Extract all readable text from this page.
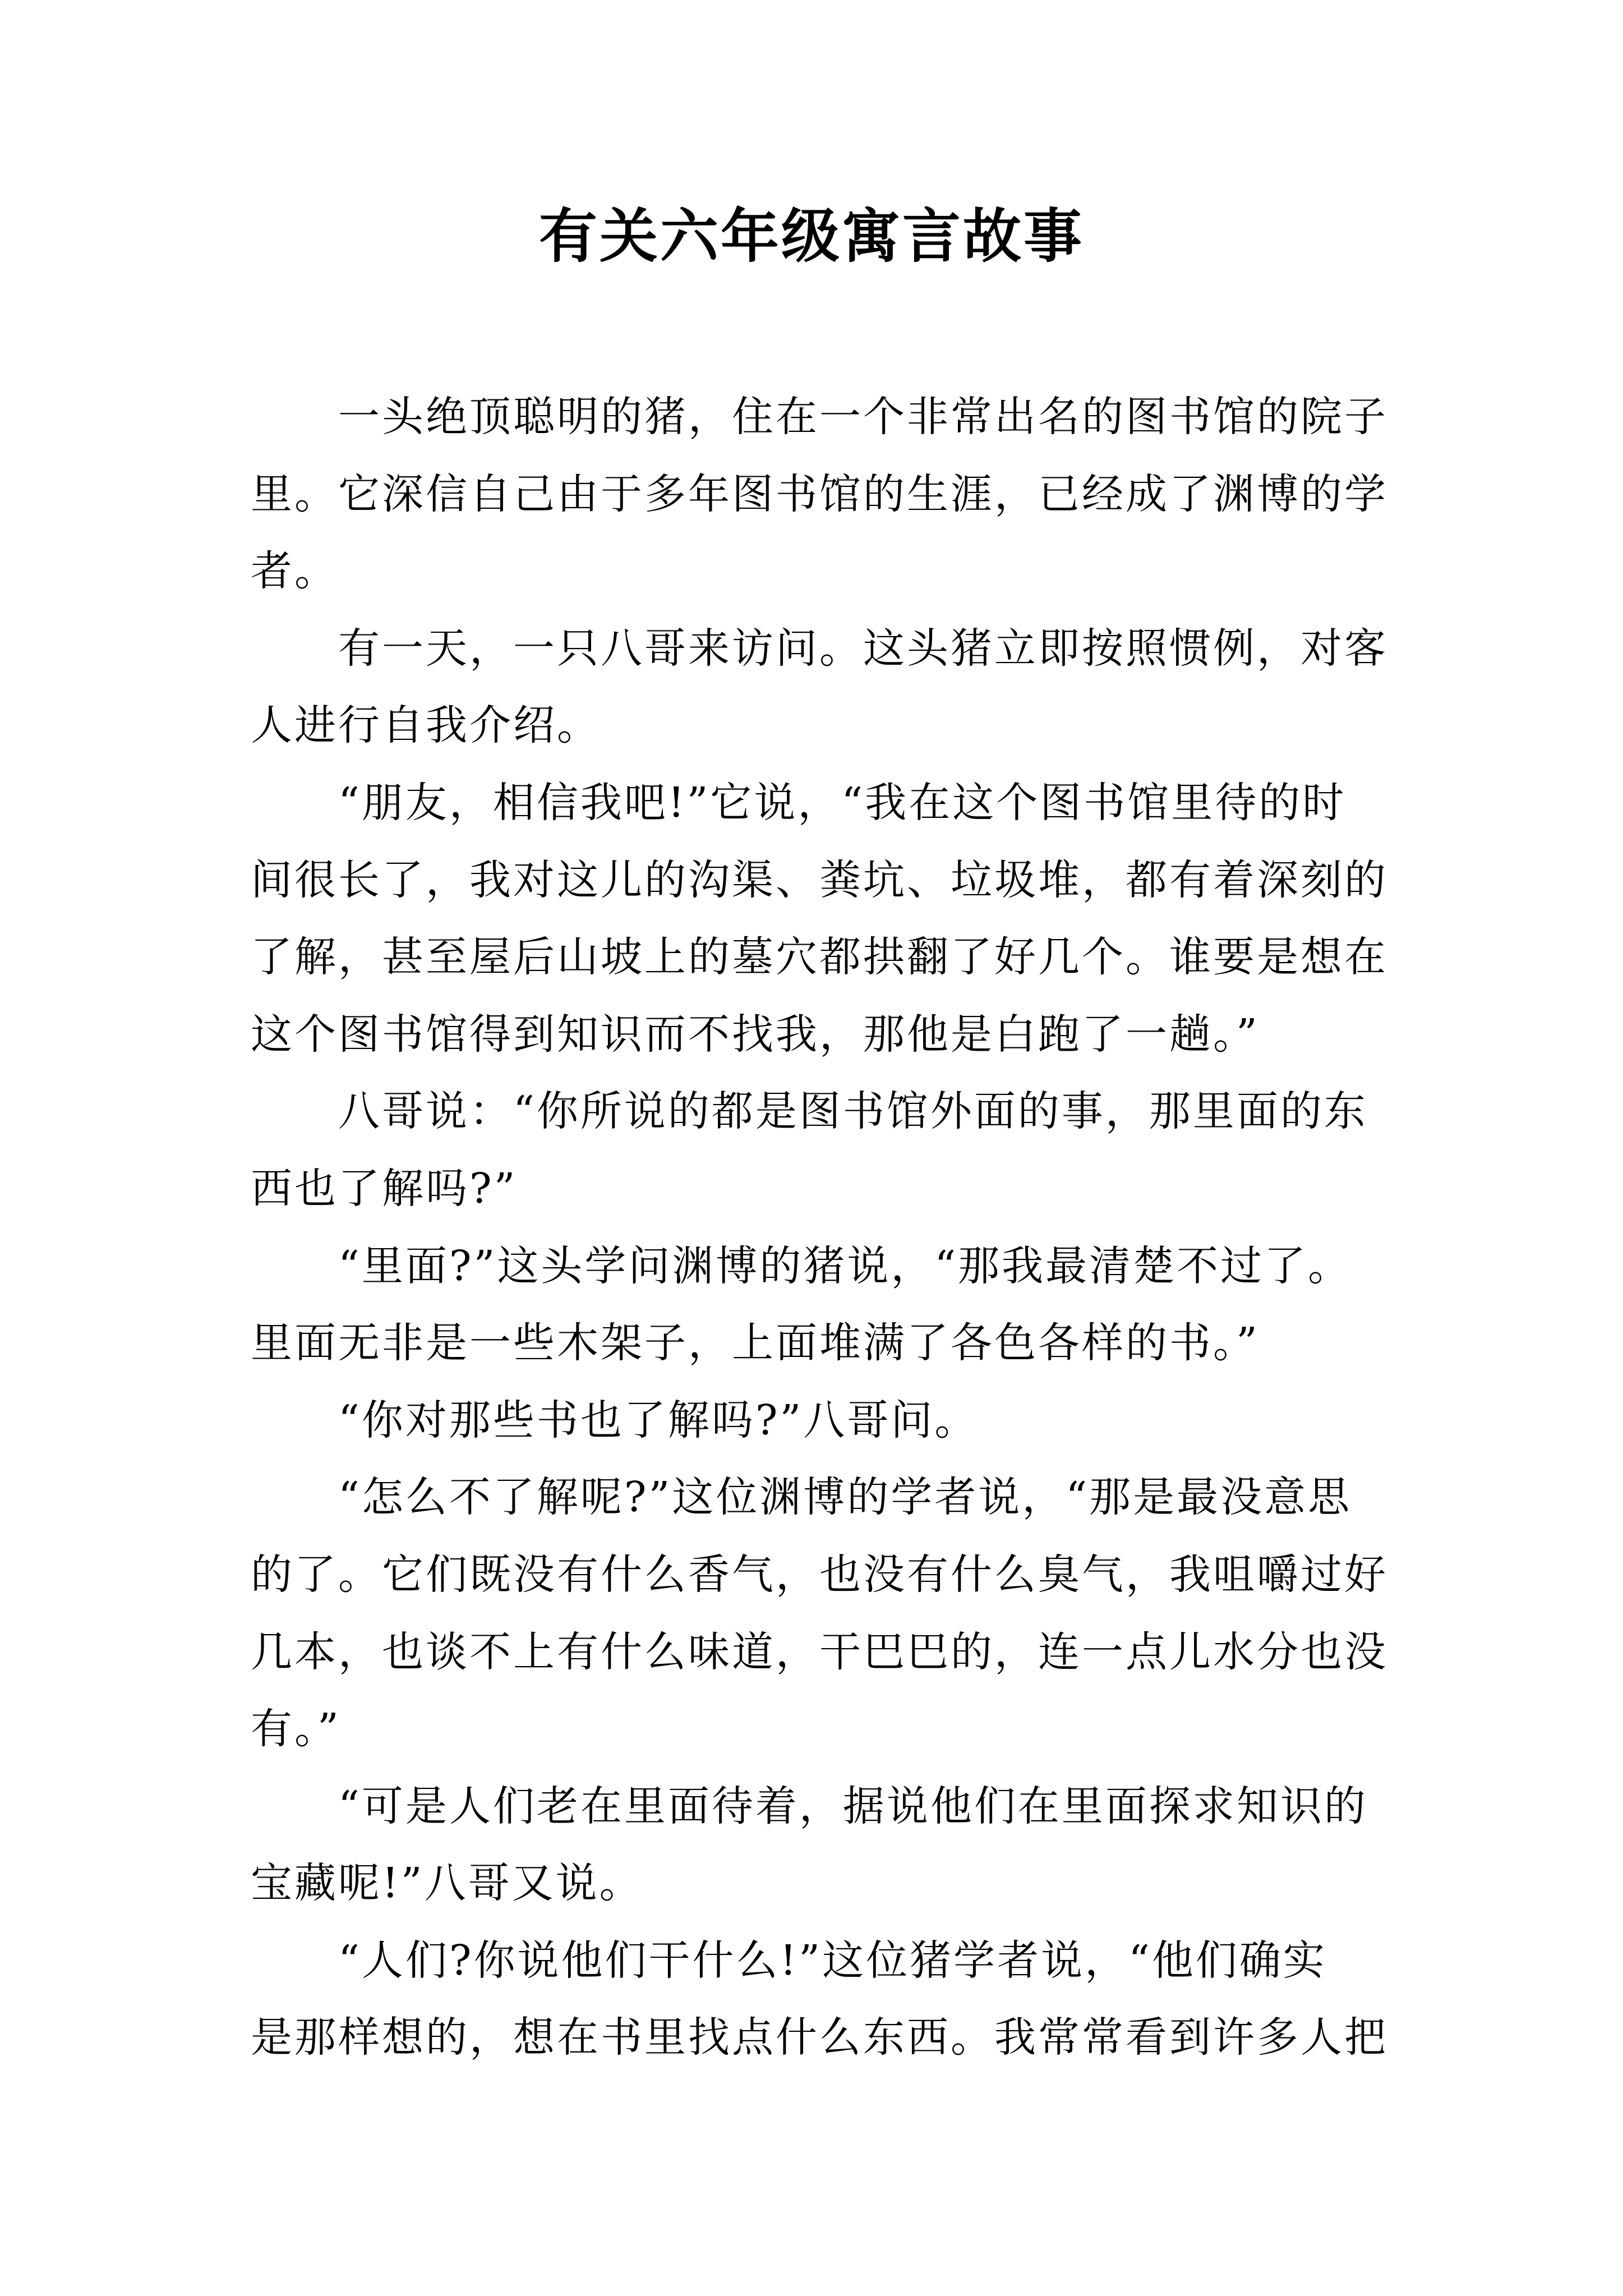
有关六年级寓言故事
一头绝顶聪明的猪，住在一个非常出名的图书馆的院子
里。它深信自己由于多年图书馆的生涯，已经成了渊博的学
者。
有一天，一只八哥来访问。这头猪立即按照惯例，对客
人进行自我介绍。
“朋友，相信我吧!”它说，“我在这个图书馆里待的时
间很长了，我对这儿的沟渠、粪坑、垃圾堆，都有着深刻的
了解，甚至屋后山坡上的墓穴都拱翻了好几个。谁要是想在
这个图书馆得到知识而不找我，那他是白跑了一趟。”
八哥说：“你所说的都是图书馆外面的事，那里面的东
西也了解吗?”
“里面?”这头学问渊博的猪说，“那我最清楚不过了。
里面无非是一些木架子，上面堆满了各色各样的书。”
“你对那些书也了解吗?”八哥问。
“怎么不了解呢?”这位渊博的学者说，“那是最没意思
的了。它们既没有什么香气，也没有什么臭气，我咀嚼过好
几本，也谈不上有什么味道，干巴巴的，连一点儿水分也没
有。”
“可是人们老在里面待着，据说他们在里面探求知识的
宝藏呢!”八哥又说。
“人们?你说他们干什么!”这位猪学者说，“他们确实
是那样想的，想在书里找点什么东西。我常常看到许多人把
